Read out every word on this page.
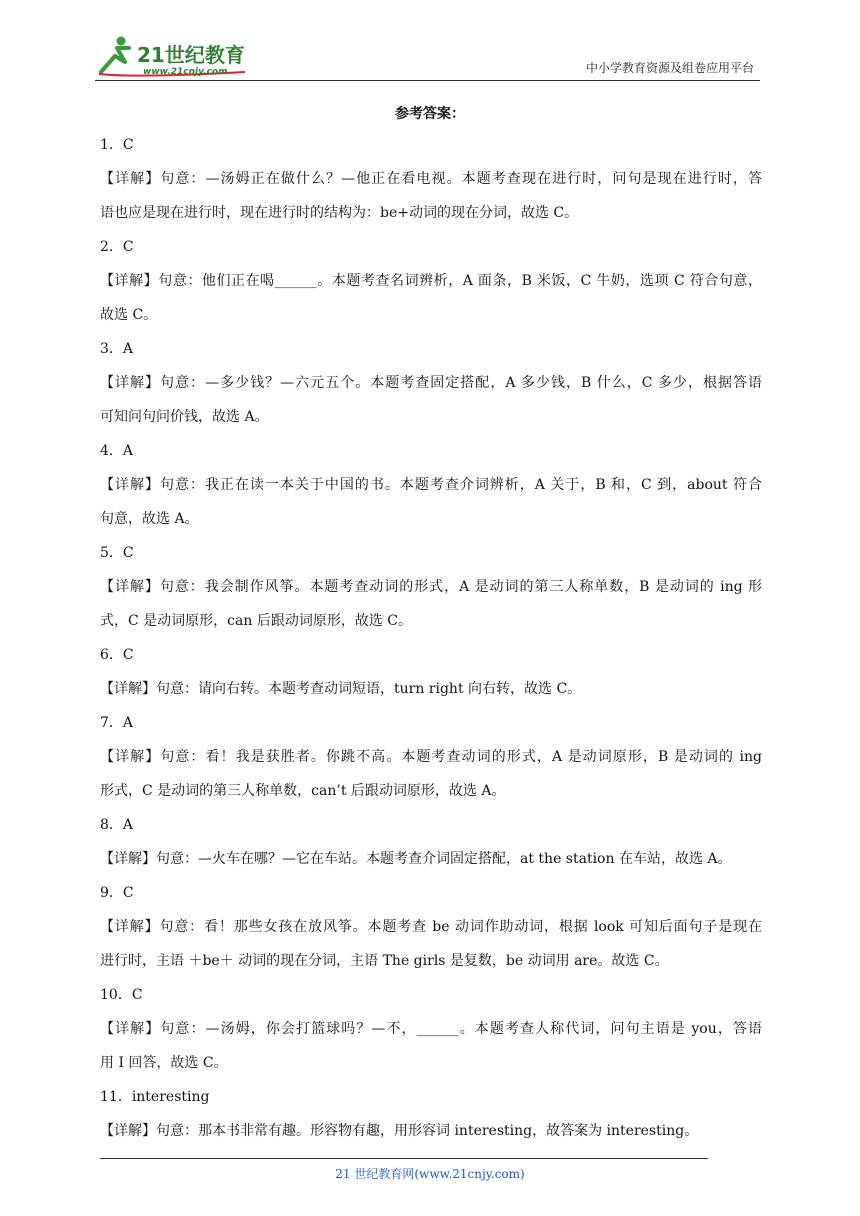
21世纪教育
www.21cnjy.com	中小学教育资源及组卷应用平台
参考答案：
1．C
【详解】句意：—汤姆正在做什么？—他正在看电视。本题考查现在进行时，问句是现在进行时，答
语也应是现在进行时，现在进行时的结构为：be+动词的现在分词，故选 C。
2．C
【详解】句意：他们正在喝______。本题考查名词辨析，A 面条，B 米饭，C 牛奶，选项 C 符合句意，
故选 C。
3．A
【详解】句意：—多少钱？—六元五个。本题考查固定搭配，A 多少钱，B 什么，C 多少，根据答语
可知问句问价钱，故选 A。
4．A
【详解】句意：我正在读一本关于中国的书。本题考查介词辨析，A 关于，B 和，C 到，about 符合
句意，故选 A。
5．C
【详解】句意：我会制作风筝。本题考查动词的形式，A 是动词的第三人称单数，B 是动词的 ing 形
式，C 是动词原形，can 后跟动词原形，故选 C。
6．C
【详解】句意：请向右转。本题考查动词短语，turn right 向右转，故选 C。
7．A
【详解】句意：看！我是获胜者。你跳不高。本题考查动词的形式，A 是动词原形，B 是动词的 ing
形式，C 是动词的第三人称单数，can’t 后跟动词原形，故选 A。
8．A
【详解】句意：—火车在哪？—它在车站。本题考查介词固定搭配，at the station 在车站，故选 A。
9．C
【详解】句意：看！那些女孩在放风筝。本题考查 be 动词作助动词，根据 look 可知后面句子是现在
进行时，主语 ＋be＋ 动词的现在分词，主语 The girls 是复数，be 动词用 are。故选 C。
10．C
【详解】句意：—汤姆，你会打篮球吗？—不，______。本题考查人称代词，问句主语是 you，答语
用 I 回答，故选 C。
11．interesting
【详解】句意：那本书非常有趣。形容物有趣，用形容词 interesting，故答案为 interesting。
21 世纪教育网(www.21cnjy.com)
